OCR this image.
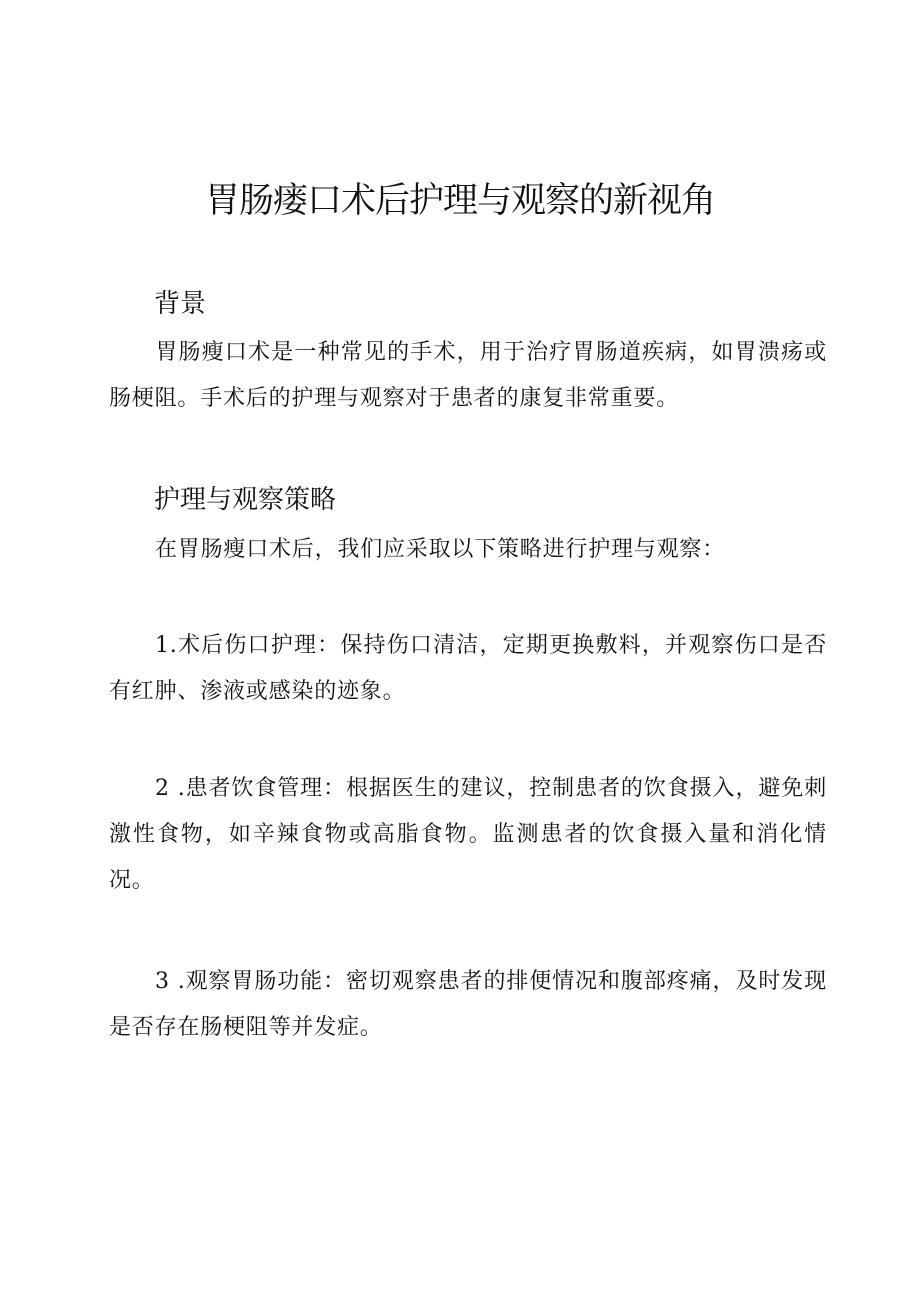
胃肠瘘口术后护理与观察的新视角
背景
胃肠瘦口术是一种常见的手术，用于治疗胃肠道疾病，如胃溃疡或肠梗阻。手术后的护理与观察对于患者的康复非常重要。
护理与观察策略
在胃肠瘦口术后，我们应采取以下策略进行护理与观察：
1.术后伤口护理：保持伤口清洁，定期更换敷料，并观察伤口是否有红肿、渗液或感染的迹象。
2 .患者饮食管理：根据医生的建议，控制患者的饮食摄入，避免刺激性食物，如辛辣食物或高脂食物。监测患者的饮食摄入量和消化情况。
3 .观察胃肠功能：密切观察患者的排便情况和腹部疼痛，及时发现是否存在肠梗阻等并发症。
